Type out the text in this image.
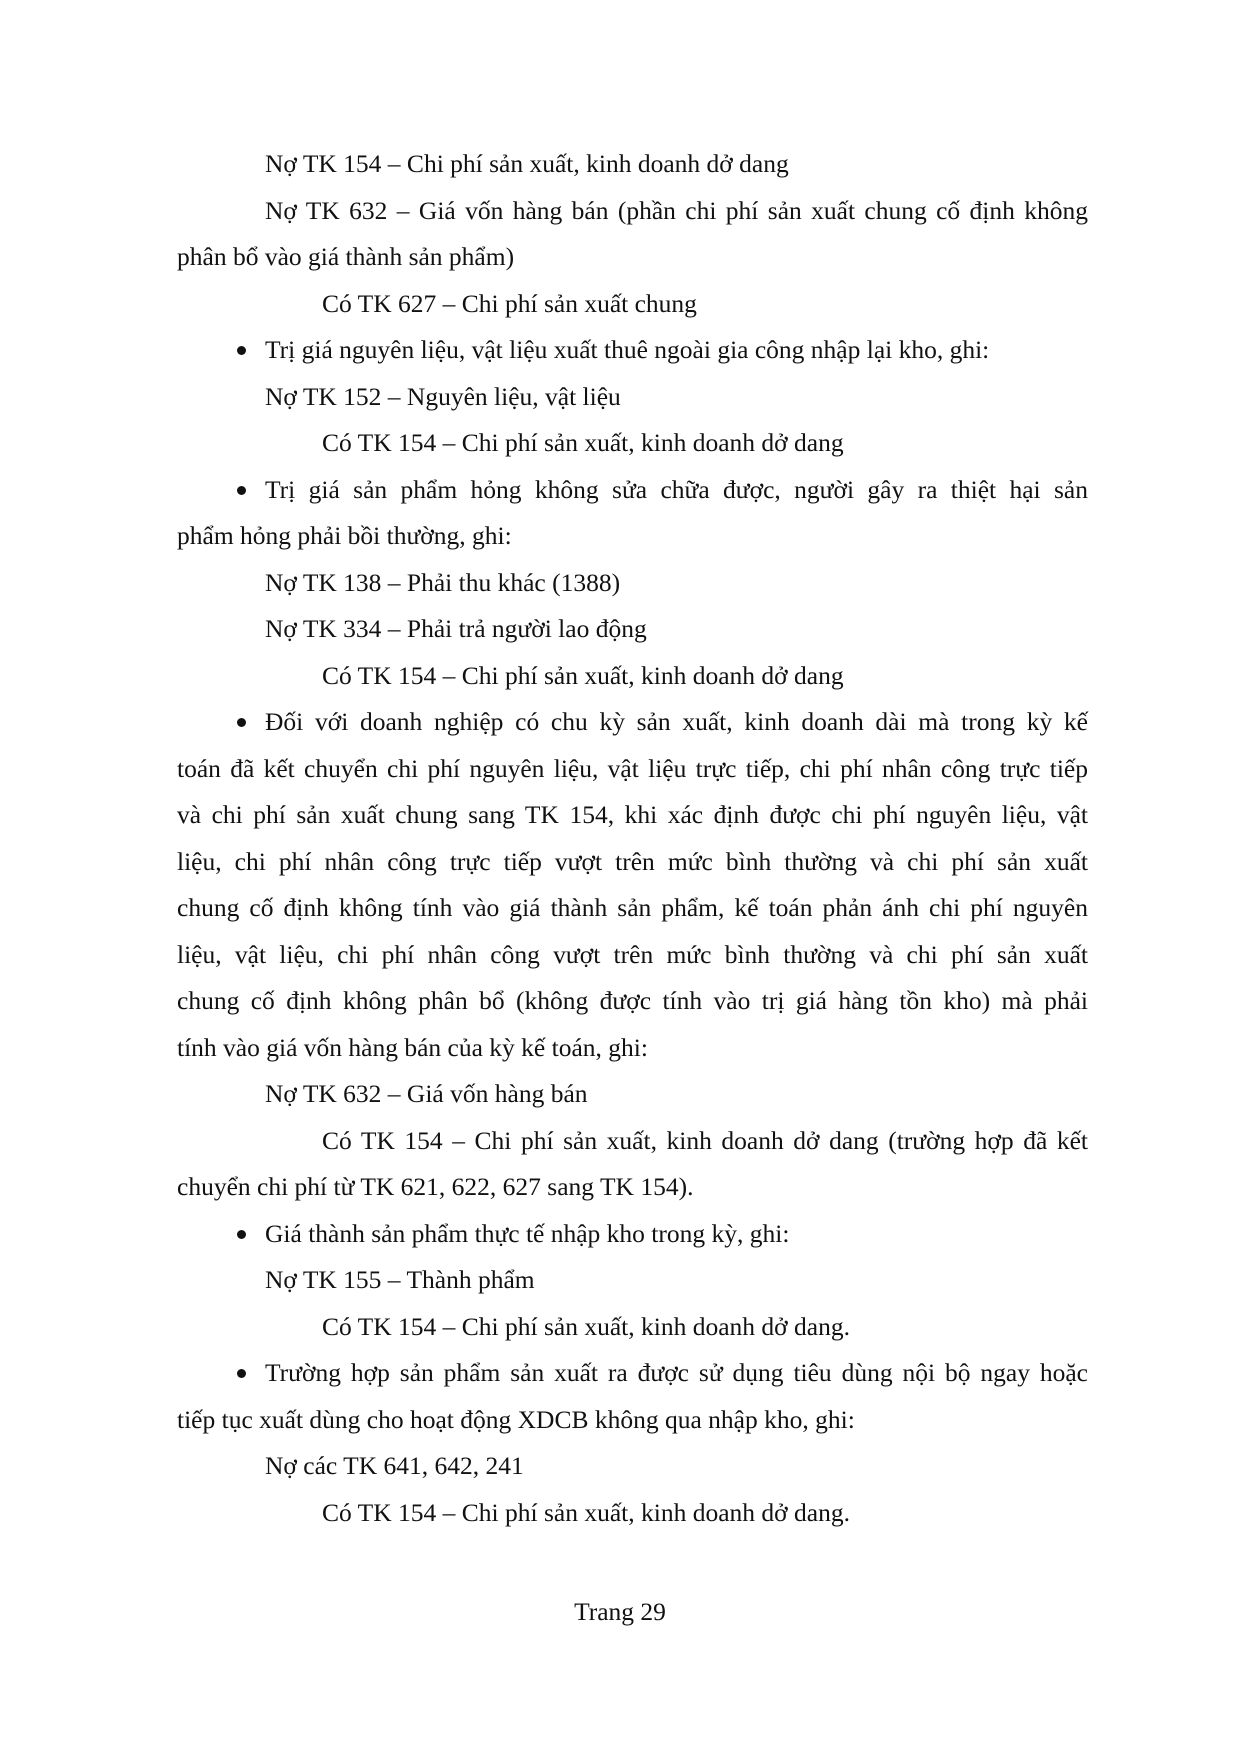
Nợ TK 154 – Chi phí sản xuất, kinh doanh dở dang
Nợ TK 632 – Giá vốn hàng bán (phần chi phí sản xuất chung cố định không
phân bổ vào giá thành sản phẩm)
Có TK 627 – Chi phí sản xuất chung
Trị giá nguyên liệu, vật liệu xuất thuê ngoài gia công nhập lại kho, ghi:
Nợ TK 152 – Nguyên liệu, vật liệu
Có TK 154 – Chi phí sản xuất, kinh doanh dở dang
Trị giá sản phẩm hỏng không sửa chữa được, người gây ra thiệt hại sản
phẩm hỏng phải bồi thường, ghi:
Nợ TK 138 – Phải thu khác (1388)
Nợ TK 334 – Phải trả người lao động
Có TK 154 – Chi phí sản xuất, kinh doanh dở dang
Đối với doanh nghiệp có chu kỳ sản xuất, kinh doanh dài mà trong kỳ kế
toán đã kết chuyển chi phí nguyên liệu, vật liệu trực tiếp, chi phí nhân công trực tiếp
và chi phí sản xuất chung sang TK 154, khi xác định được chi phí nguyên liệu, vật
liệu, chi phí nhân công trực tiếp vượt trên mức bình thường và chi phí sản xuất
chung cố định không tính vào giá thành sản phẩm, kế toán phản ánh chi phí nguyên
liệu, vật liệu, chi phí nhân công vượt trên mức bình thường và chi phí sản xuất
chung cố định không phân bổ (không được tính vào trị giá hàng tồn kho) mà phải
tính vào giá vốn hàng bán của kỳ kế toán, ghi:
Nợ TK 632 – Giá vốn hàng bán
Có TK 154 – Chi phí sản xuất, kinh doanh dở dang (trường hợp đã kết
chuyển chi phí từ TK 621, 622, 627 sang TK 154).
Giá thành sản phẩm thực tế nhập kho trong kỳ, ghi:
Nợ TK 155 – Thành phẩm
Có TK 154 – Chi phí sản xuất, kinh doanh dở dang.
Trường hợp sản phẩm sản xuất ra được sử dụng tiêu dùng nội bộ ngay hoặc
tiếp tục xuất dùng cho hoạt động XDCB không qua nhập kho, ghi:
Nợ các TK 641, 642, 241
Có TK 154 – Chi phí sản xuất, kinh doanh dở dang.
Trang 29
